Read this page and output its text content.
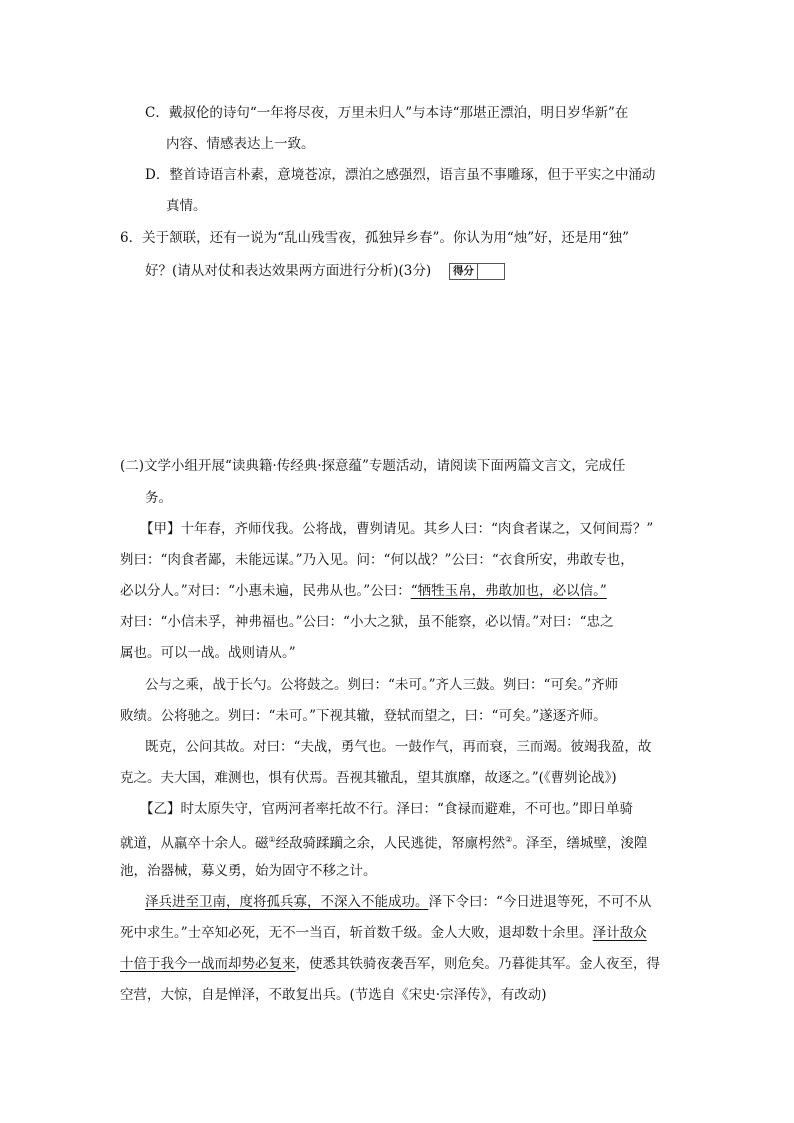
C．戴叔伦的诗句“一年将尽夜，万里未归人”与本诗“那堪正漂泊，明日岁华新”在
内容、情感表达上一致。
D．整首诗语言朴素，意境苍凉，漂泊之感强烈，语言虽不事雕琢，但于平实之中涌动
真情。
6．关于颔联，还有一说为“乱山残雪夜，孤独异乡春”。你认为用“烛”好，还是用“独”
好？(请从对仗和表达效果两方面进行分析)(3分) 得分
(二)文学小组开展“读典籍·传经典·探意蕴”专题活动，请阅读下面两篇文言文，完成任
务。
【甲】十年春，齐师伐我。公将战，曹刿请见。其乡人曰：“肉食者谋之，又何间焉？”
刿曰：“肉食者鄙，未能远谋。”乃入见。问：“何以战？”公曰：“衣食所安，弗敢专也，
必以分人。”对曰：“小惠未遍，民弗从也。”公曰：“牺牲玉帛，弗敢加也，必以信。”
对曰：“小信未孚，神弗福也。”公曰：“小大之狱，虽不能察，必以情。”对曰：“忠之
属也。可以一战。战则请从。”
公与之乘，战于长勺。公将鼓之。刿曰：“未可。”齐人三鼓。刿曰：“可矣。”齐师
败绩。公将驰之。刿曰：“未可。”下视其辙，登轼而望之，曰：“可矣。”遂逐齐师。
既克，公问其故。对曰：“夫战，勇气也。一鼓作气，再而衰，三而竭。彼竭我盈，故
克之。夫大国，难测也，惧有伏焉。吾视其辙乱，望其旗靡，故逐之。”(《曹刿论战》)
【乙】时太原失守，官两河者率托故不行。泽曰：“食禄而避难，不可也。”即日单骑
就道，从羸卒十余人。磁①经敌骑蹂躏之余，人民逃徙，帑廪枵然②。泽至，缮城壁，浚隍
池，治器械，募义勇，始为固守不移之计。
泽兵进至卫南，度将孤兵寡，不深入不能成功。泽下令曰：“今日进退等死，不可不从
死中求生。”士卒知必死，无不一当百，斩首数千级。金人大败，退却数十余里。泽计敌众
十倍于我今一战而却势必复来，使悉其铁骑夜袭吾军，则危矣。乃暮徙其军。金人夜至，得
空营，大惊，自是惮泽，不敢复出兵。(节选自《宋史·宗泽传》，有改动)
